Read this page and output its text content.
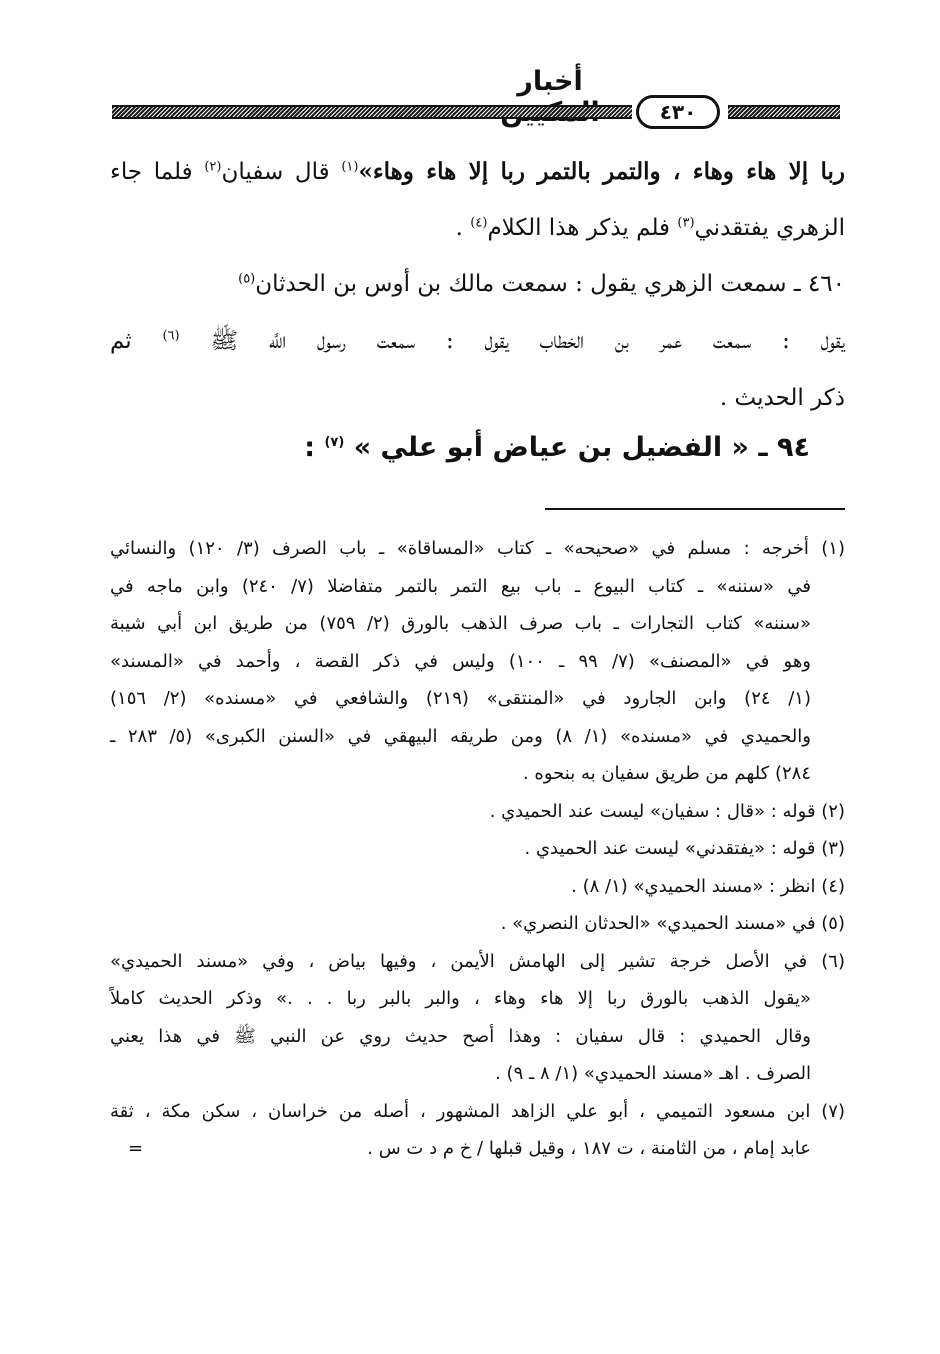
أخبار
٤٣٠
ربا إلا هاء وهاء ، والتمر بالتمر ربا إلا هاء وهاء»$^{(١)}$ قال سفيان$^{(٢)}$ فلما جاء
الزهري يفتقدني$^{(٣)}$ فلم يذكر هذا الكلام$^{(٤)}$ .
٤٦٠ ـ سمعت الزهري يقول : سمعت مالك بن أوس بن الحدثان$^{(٥)}$
يقول : سمعت عمر بن الخطاب يقول : سمعت رسول اللَّه ﷺ $^{(٦)}$ ثم
ذكر الحديث .
٩٤ ـ « الفضيل بن عياض أبو علي » $^{(٧)}$ :
(١) أخرجه : مسلم في «صحيحه» ـ كتاب «المساقاة» ـ باب الصرف (٣/ ١٢٠) والنسائي
في «سننه» ـ كتاب البيوع ـ باب بيع التمر بالتمر متفاضلا (٧/ ٢٤٠) وابن ماجه في
«سننه» كتاب التجارات ـ باب صرف الذهب بالورق (٢/ ٧٥٩) من طريق ابن أبي شيبة
وهو في «المصنف» (٧/ ٩٩ ـ ١٠٠) وليس في ذكر القصة ، وأحمد في «المسند»
(١/ ٢٤) وابن الجارود في «المنتقى» (٢١٩) والشافعي في «مسنده» (٢/ ١٥٦)
والحميدي في «مسنده» (١/ ٨) ومن طريقه البيهقي في «السنن الكبرى» (٥/ ٢٨٣ ـ
٢٨٤) كلهم من طريق سفيان به بنحوه .
(٢) قوله : «قال : سفيان» ليست عند الحميدي .
(٣) قوله : «يفتقدني» ليست عند الحميدي .
(٤) انظر : «مسند الحميدي» (١/ ٨) .
(٥) في «مسند الحميدي» «الحدثان النصري» .
(٦) في الأصل خرجة تشير إلى الهامش الأيمن ، وفيها بياض ، وفي «مسند الحميدي»
«يقول الذهب بالورق ربا إلا هاء وهاء ، والبر بالبر ربا . . .» وذكر الحديث كاملاً
وقال الحميدي : قال سفيان : وهذا أصح حديث روي عن النبي ﷺ في هذا يعني
الصرف . اهـ «مسند الحميدي» (١/ ٨ ـ ٩) .
(٧) ابن مسعود التميمي ، أبو علي الزاهد المشهور ، أصله من خراسان ، سكن مكة ، ثقة
عابد إمام ، من الثامنة ، ت ١٨٧ ، وقيل قبلها / خ م د ت س .
=
